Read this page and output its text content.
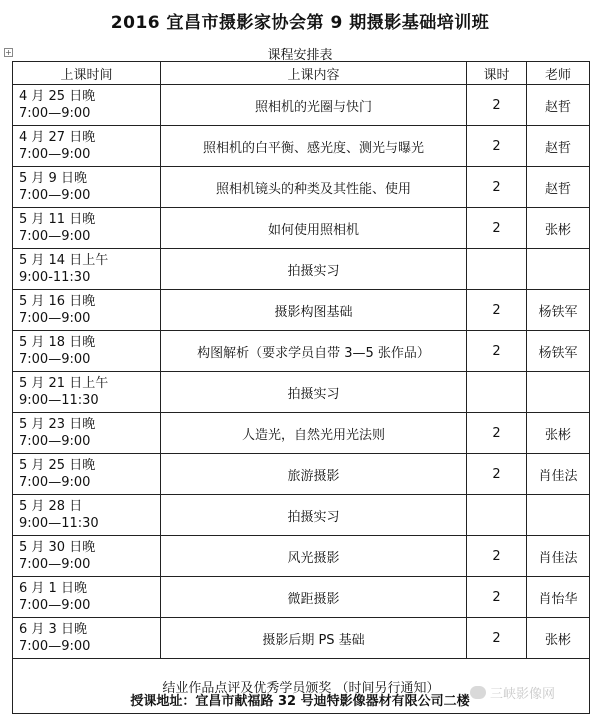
2016 宜昌市摄影家协会第 9 期摄影基础培训班
+	课程安排表
上课时间	上课内容	课时	老师

4 月 25 日晚
7:00—9:00	照相机的光圈与快门	2	赵哲

4 月 27 日晚
7:00—9:00	照相机的白平衡、感光度、测光与曝光	2	赵哲

5 月 9 日晚
7:00—9:00	照相机镜头的种类及其性能、使用	2	赵哲

5 月 11 日晚
7:00—9:00	如何使用照相机	2	张彬

5 月 14 日上午
9:00-11:30	拍摄实习		

5 月 16 日晚
7:00—9:00	摄影构图基础	2	杨铁军

5 月 18 日晚
7:00—9:00	构图解析（要求学员自带 3—5 张作品）	2	杨铁军

5 月 21 日上午
9:00—11:30	拍摄实习		

5 月 23 日晚
7:00—9:00	人造光，自然光用光法则	2	张彬

5 月 25 日晚
7:00—9:00	旅游摄影	2	肖佳法

5 月 28 日
9:00—11:30	拍摄实习		

5 月 30 日晚
7:00—9:00	风光摄影	2	肖佳法

6 月 1 日晚
7:00—9:00	微距摄影	2	肖怡华

6 月 3 日晚
7:00—9:00	摄影后期 PS 基础	2	张彬
结业作品点评及优秀学员颁奖 （时间另行通知）			
授课地址：宜昌市献福路 32 号迪特影像器材有限公司二楼	三峡影像网
